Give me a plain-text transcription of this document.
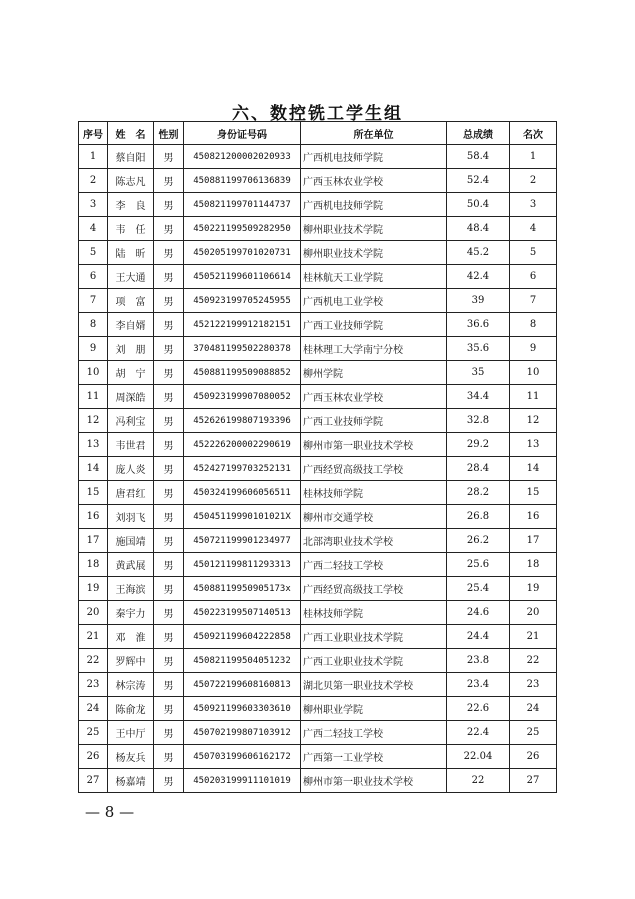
六、数控铣工学生组
序号	姓　名	性别	身份证号码	所在单位	总成绩	名次
1	蔡自阳	男	450821200002020933	广西机电技师学院	58.4	1
2	陈志凡	男	450881199706136839	广西玉林农业学校	52.4	2
3	李　良	男	450821199701144737	广西机电技师学院	50.4	3
4	韦　任	男	450221199509282950	柳州职业技术学院	48.4	4
5	陆　昕	男	450205199701020731	柳州职业技术学院	45.2	5
6	王大通	男	450521199601106614	桂林航天工业学院	42.4	6
7	项　富	男	450923199705245955	广西机电工业学校	39	7
8	李自婿	男	452122199912182151	广西工业技师学院	36.6	8
9	刘　朋	男	370481199502280378	桂林理工大学南宁分校	35.6	9
10	胡　宁	男	450881199509088852	柳州学院	35	10
11	周深皓	男	450923199907080052	广西玉林农业学校	34.4	11
12	冯利宝	男	452626199807193396	广西工业技师学院	32.8	12
13	韦世君	男	452226200002290619	柳州市第一职业技术学校	29.2	13
14	庞人炎	男	452427199703252131	广西经贸高级技工学校	28.4	14
15	唐君红	男	450324199606056511	桂林技师学院	28.2	15
16	刘羽飞	男	45045119990101021X	柳州市交通学校	26.8	16
17	施国靖	男	450721199901234977	北部湾职业技术学校	26.2	17
18	黄武展	男	450121199811293313	广西二轻技工学校	25.6	18
19	王海滨	男	45088119950905173x	广西经贸高级技工学校	25.4	19
20	秦宇力	男	450223199507140513	桂林技师学院	24.6	20
21	邓　淮	男	450921199604222858	广西工业职业技术学院	24.4	21
22	罗辉中	男	450821199504051232	广西工业职业技术学院	23.8	22
23	林宗涛	男	450722199608160813	湖北贝第一职业技术学校	23.4	23
24	陈俞龙	男	450921199603303610	柳州职业学院	22.6	24
25	王中厅	男	450702199807103912	广西二轻技工学校	22.4	25
26	杨友兵	男	450703199606162172	广西第一工业学校	22.04	26
27	杨嘉靖	男	450203199911101019	柳州市第一职业技术学校	22	27
— 8 —
